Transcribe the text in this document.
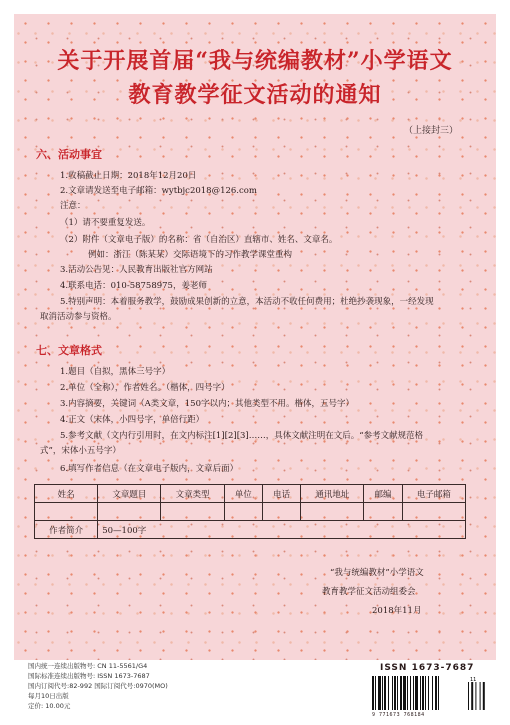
关于开展首届“我与统编教材”小学语文
教育教学征文活动的通知
（上接封三）
六、活动事宜
1.收稿截止日期：2018年12月20日
2.文章请发送至电子邮箱：wytbjc2018@126.com
注意：
（1）请不要重复发送。
（2）附件（文章电子版）的名称：省（自治区）直辖市、姓名、文章名。
例如：浙江（陈某某）交际语境下的习作教学课堂重构
3.活动公告见：人民教育出版社官方网站
4.联系电话：010-58758975，姜老师
5.特别声明：本着服务教学，鼓励成果创新的立意，本活动不收任何费用；杜绝抄袭现象，一经发现取消活动参与资格。
七、文章格式
1.题目（自拟，黑体三号字）
2.单位（全称），作者姓名。（楷体，四号字）
3.内容摘要，关键词（A类文章，150字以内；其他类型不用。楷体，五号字）
4.正文（宋体，小四号字，单倍行距）
5.参考文献（文内行引用时，在文内标注[1][2][3]……，具体文献注明在文后。“参考文献规范格式”，宋体小五号字）
6.填写作者信息（在文章电子版内，文章后面）
姓名	文章题目	文章类型	单位	电话	通讯地址	邮编	电子邮箱

作者简介	50—100字						
“我与统编教材”小学语文
教育教学征文活动组委会
2018年11月
国内统一连续出版物号: CN 11-5561/G4
国际标准连续出版物号: ISSN 1673-7687
国内订阅代号:82-992 国际订阅代号:0970(MO)
每月10日出版
定价: 10.00元
ISSN 1673-7687
11
9 771673 768184
